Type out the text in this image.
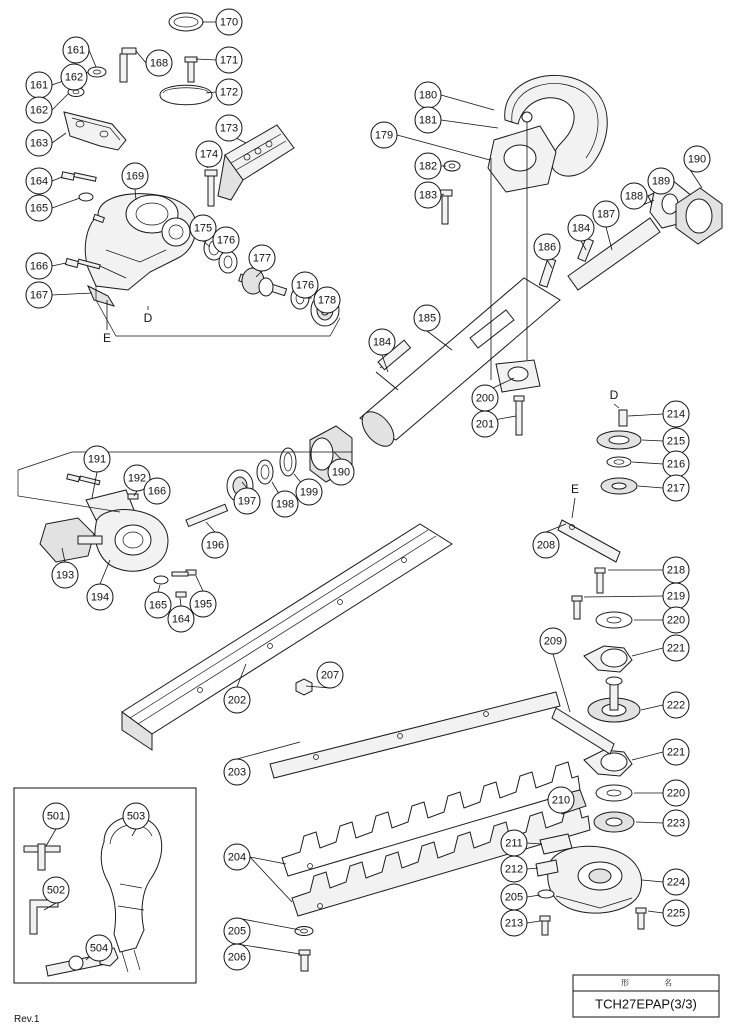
170
161
171
168
161
162
172
162
163
173
174
169
164
165
175
176
166
177
167
176
178
180
181
179
182
183
190
189
188
187
184
186
185
184
200
201
214
215
216
217
191
192
166
190
199
198
197
196
193
194
165
164
195
208
218
219
220
221
209
222
221
220
223
224
225
210
211
212
205
213
207
202
203
204
205
206
501	503
502
504
D
E
D
E
形	名
TCH27EPAP(3/3)
Rev.1
